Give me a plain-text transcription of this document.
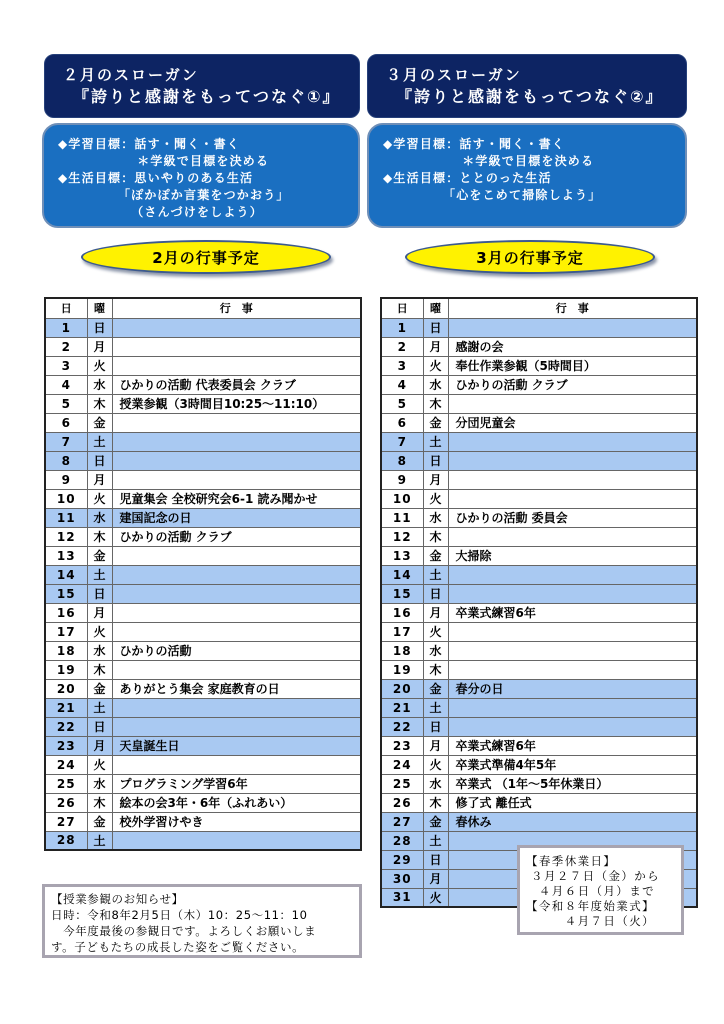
２月のスローガン
『誇りと感謝をもってつなぐ①』
３月のスローガン
『誇りと感謝をもってつなぐ②』
◆学習目標：話す・聞く・書く
　　　　　　＊学級で目標を決める
◆生活目標：思いやりのある生活
　　　　　「ぽかぽか言葉をつかおう」
　　　　　　（さんづけをしよう）
◆学習目標：話す・聞く・書く
　　　　　　＊学級で目標を決める
◆生活目標：ととのった生活
　　　　　「心をこめて掃除しよう」
2月の行事予定	3月の行事予定
日	曜	行　事
1	日	
2	月	
3	火	
4	水	ひかりの活動 代表委員会 クラブ
5	木	授業参観（3時間目10:25～11:10）
6	金	
7	土	
8	日	
9	月	
10	火	児童集会 全校研究会6-1 読み聞かせ
11	水	建国記念の日
12	木	ひかりの活動 クラブ
13	金	
14	土	
15	日	
16	月	
17	火	
18	水	ひかりの活動
19	木	
20	金	ありがとう集会 家庭教育の日
21	土	
22	日	
23	月	天皇誕生日
24	火	
25	水	プログラミング学習6年
26	木	絵本の会3年・6年（ふれあい）
27	金	校外学習けやき
28	土	
日	曜	行　事
1	日	
2	月	感謝の会
3	火	奉仕作業参観（5時間目）
4	水	ひかりの活動 クラブ
5	木	
6	金	分団児童会
7	土	
8	日	
9	月	
10	火	
11	水	ひかりの活動 委員会
12	木	
13	金	大掃除
14	土	
15	日	
16	月	卒業式練習6年
17	火	
18	水	
19	木	
20	金	春分の日
21	土	
22	日	
23	月	卒業式練習6年
24	火	卒業式準備4年5年
25	水	卒業式 （1年～5年休業日）
26	木	修了式 離任式
27	金	春休み
28	土	
29	日	
30	月	
31	火	
【授業参観のお知らせ】
日時：令和8年2月5日（木）10：25～11：10
　今年度最後の参観日です。よろしくお願いしま
す。子どもたちの成長した姿をご覧ください。
【春季休業日】
３月２７日（金）から
　４月６日（月）まで
【令和８年度始業式】
　　　４月７日（火）
